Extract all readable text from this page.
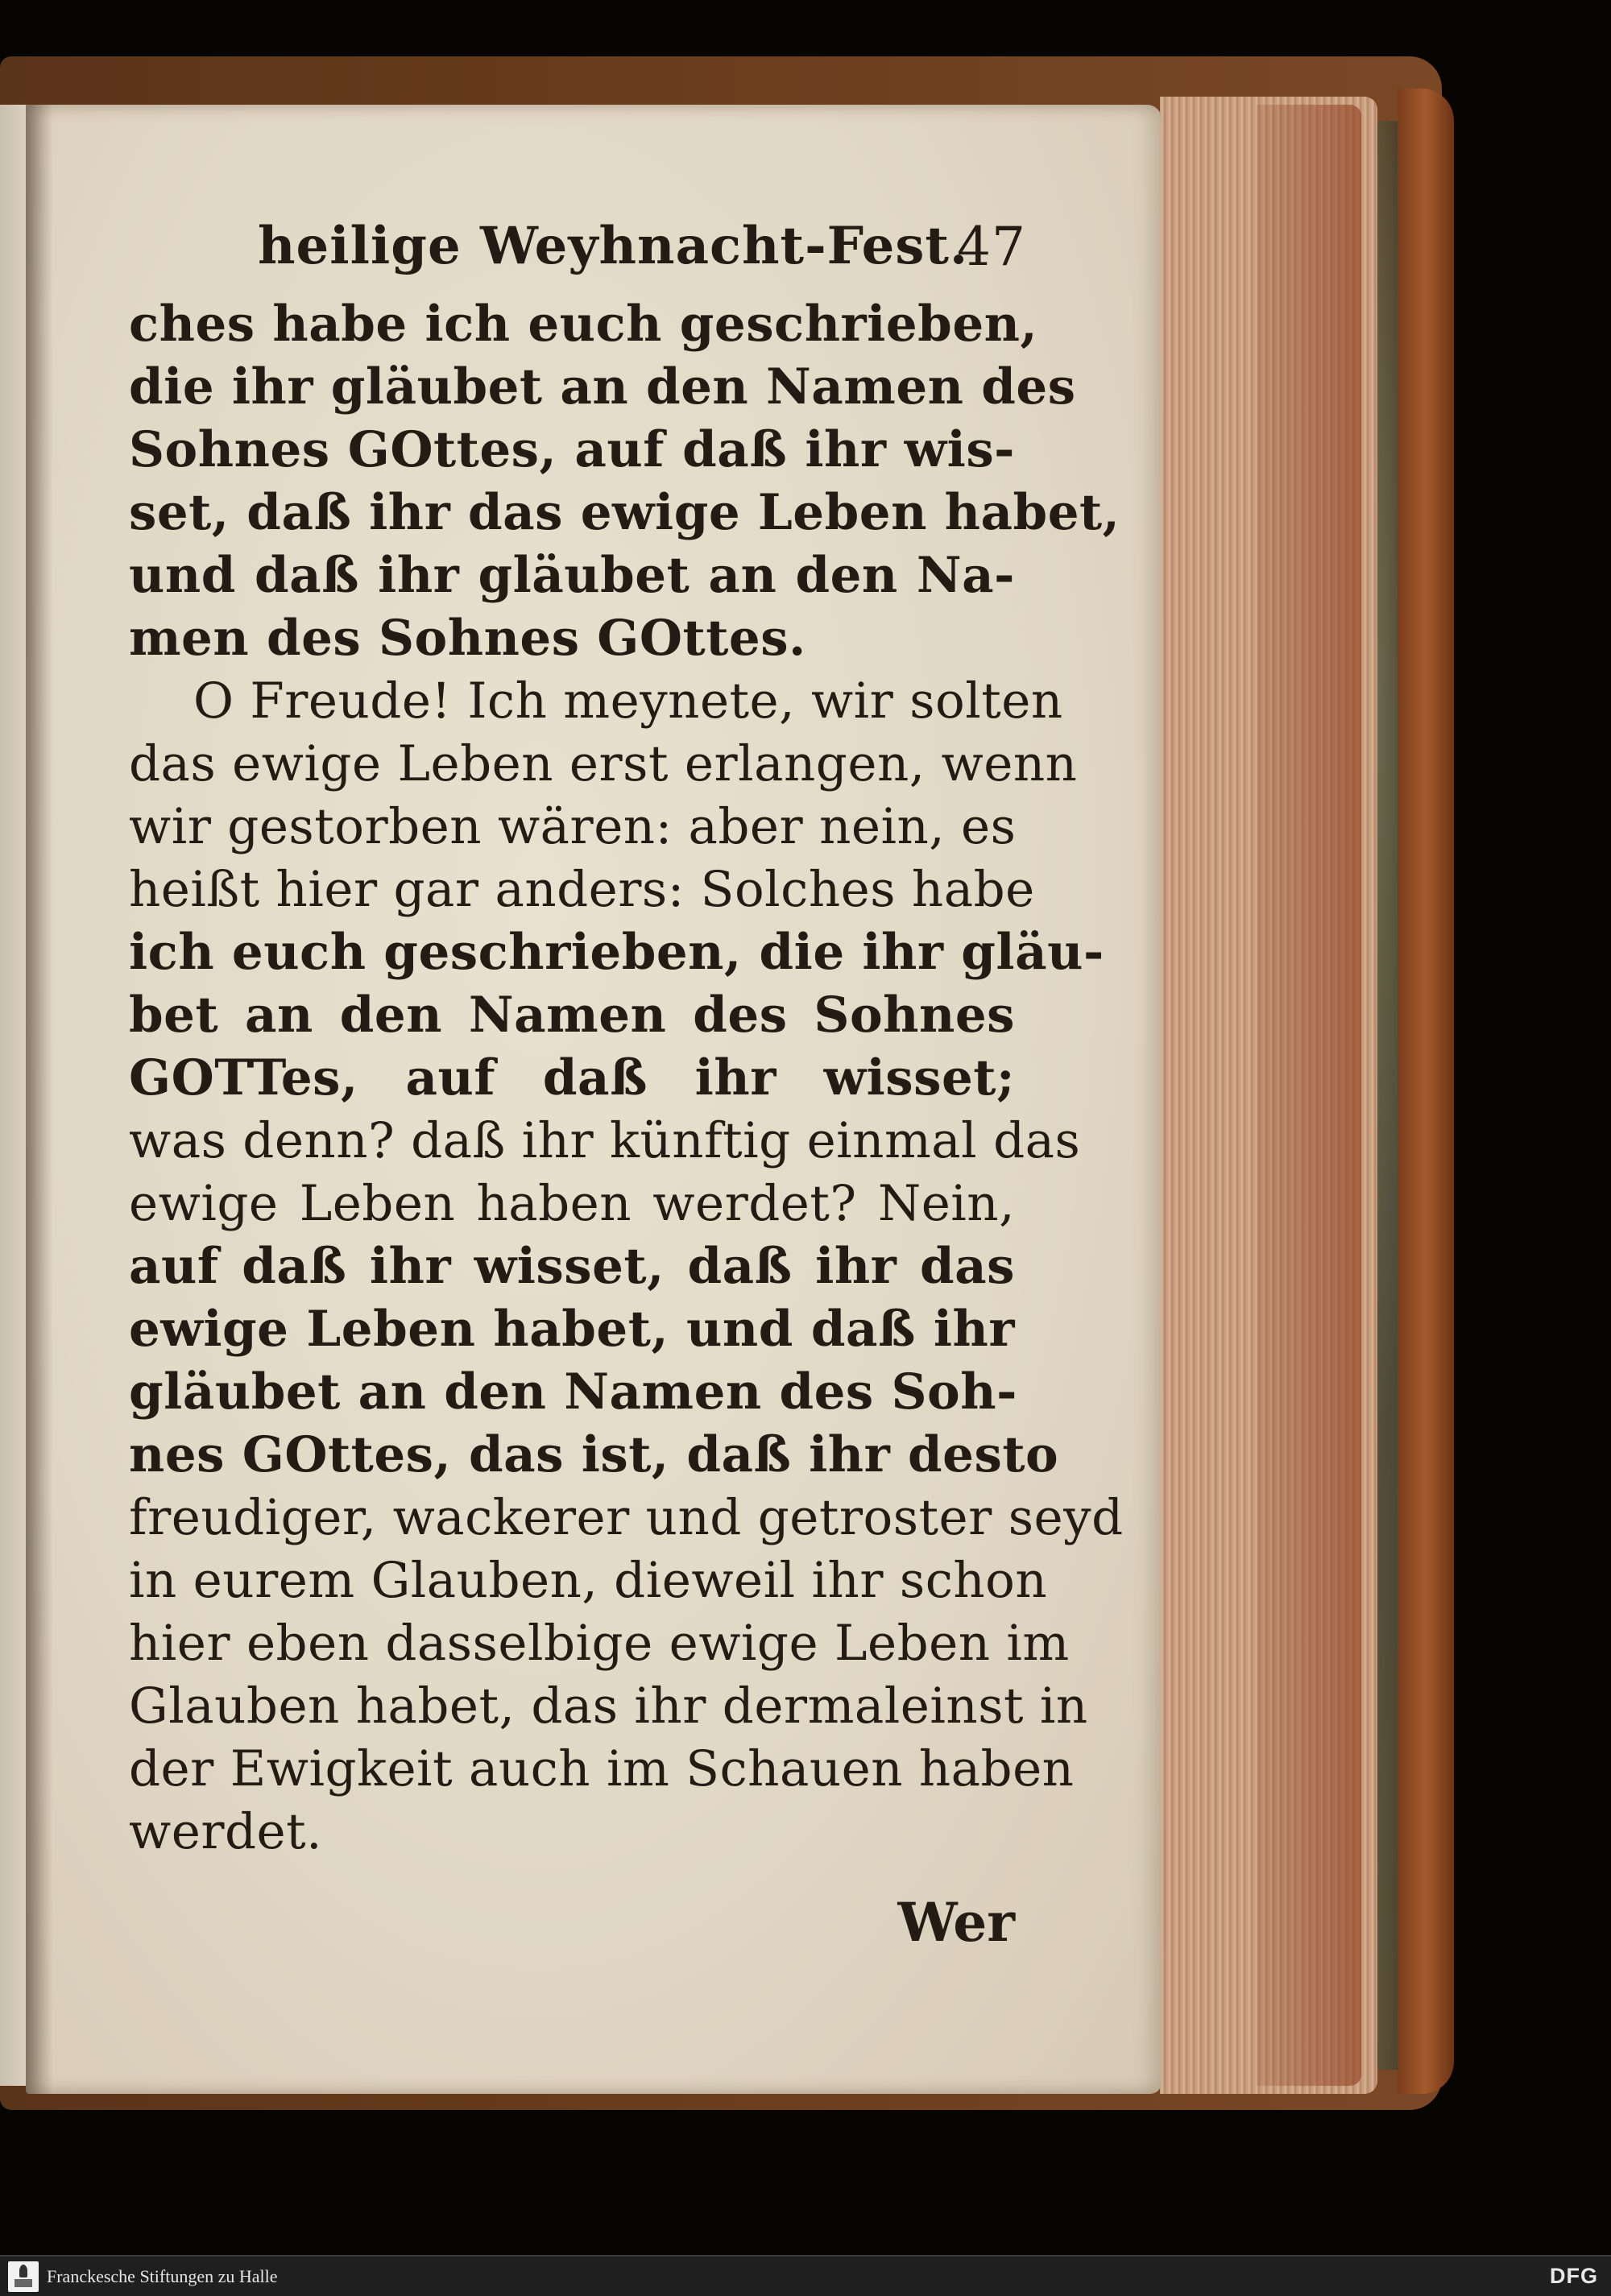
heilige Weyhnacht-Fest.
47
ches habe ich euch geschrieben,
die ihr gläubet an den Namen des
Sohnes GOttes, auf daß ihr wis-
set, daß ihr das ewige Leben habet,
und daß ihr gläubet an den Na-
men des Sohnes GOttes.
O Freude! Ich meynete, wir solten
das ewige Leben erst erlangen, wenn
wir gestorben wären: aber nein, es
heißt hier gar anders: Solches habe
ich euch geschrieben, die ihr gläu-
bet an den Namen des Sohnes
GOTTes, auf daß ihr wisset;
was denn? daß ihr künftig einmal das
ewige Leben haben werdet? Nein,
auf daß ihr wisset, daß ihr das
ewige Leben habet, und daß ihr
gläubet an den Namen des Soh-
nes GOttes, das ist, daß ihr desto
freudiger, wackerer und getroster seyd
in eurem Glauben, dieweil ihr schon
hier eben dasselbige ewige Leben im
Glauben habet, das ihr dermaleinst in
der Ewigkeit auch im Schauen haben
werdet.
Wer
Franckesche Stiftungen zu Halle	DFG
